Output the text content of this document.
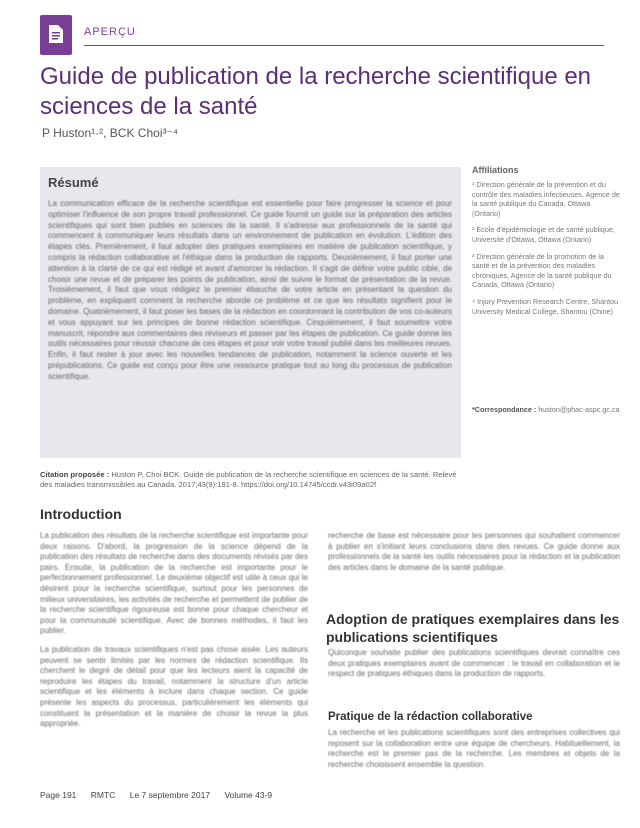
APERÇU
Guide de publication de la recherche scientifique en sciences de la santé
P Huston¹·², BCK Choi³⁻⁴
Résumé
La communication efficace de la recherche scientifique est essentielle pour faire progresser la science et pour optimiser l'influence de son propre travail professionnel. Ce guide fournit un guide sur la préparation des articles scientifiques qui sont bien publiés en sciences de la santé. Il s'adresse aux professionnels de la santé qui commencent à communiquer leurs résultats dans un environnement de publication en évolution. L'édition des étapes clés. Premièrement, il faut adopter des pratiques exemplaires en matière de publication scientifique, y compris la rédaction collaborative et l'éthique dans la production de rapports. Deuxièmement, il faut porter une attention à la clarté de ce qui est rédigé et avant d'amorcer la rédaction. Il s'agit de définir votre public cible, de choisir une revue et de préparer les points de publication, ainsi de suivre le format de présentation de la revue. Troisièmement, il faut que vous rédigiez le premier ébauche de votre article en présentant la question du problème, en expliquant comment la recherche aborde ce problème et ce que les résultats signifient pour le domaine. Quatrièmement, il faut poser les bases de la rédaction en coordonnant la contribution de vos co-auteurs et vous appuyant sur les principes de bonne rédaction scientifique. Cinquièmement, il faut soumettre votre manuscrit, répondre aux commentaires des réviseurs et passer par les étapes de publication. Ce guide donne les outils nécessaires pour réussir chacune de ces étapes et pour voir votre travail publié dans les meilleures revues. Enfin, il faut rester à jour avec les nouvelles tendances de publication, notamment la science ouverte et les prépublications. Ce guide est conçu pour être une ressource pratique tout au long du processus de publication scientifique.
Affiliations
¹ Direction générale de la prévention et du contrôle des maladies infectieuses, Agence de la santé publique du Canada, Ottawa (Ontario)
² École d'épidémiologie et de santé publique, Université d'Ottawa, Ottawa (Ontario)
³ Direction générale de la promotion de la santé et de la prévention des maladies chroniques, Agence de la santé publique du Canada, Ottawa (Ontario)
⁴ Injury Prevention Research Centre, Shantou University Medical College, Shantou (Chine)
*Correspondance : huston@phac-aspc.gc.ca
Citation proposée : Huston P, Choi BCK. Guide de publication de la recherche scientifique en sciences de la santé. Relevé des maladies transmissibles au Canada. 2017;43(9):191-8. https://doi.org/10.14745/ccdr.v43i09a02f
Introduction

La publication des résultats de la recherche scientifique est importante pour deux raisons. D'abord, la progression de la science dépend de la publication des résultats de recherche dans des documents révisés par des pairs. Ensuite, la publication de la recherche est importante pour le perfectionnement professionnel. Le deuxième objectif est utile à ceux qui le désirent pour la recherche scientifique, surtout pour les personnes de milieux universitaires, les activités de recherche et permettent de publier de la recherche scientifique rigoureuse est bonne pour chaque chercheur et pour la communauté scientifique. Avec de bonnes méthodes, il faut les publier.

La publication de travaux scientifiques n'est pas chose aisée. Les auteurs peuvent se sentir limités par les normes de rédaction scientifique. Ils cherchent le degré de détail pour que les lecteurs aient la capacité de reproduire les étapes du travail, notamment la structure d'un article scientifique et les éléments à inclure dans chaque section. Ce guide présente les aspects du processus, particulièrement les éléments qui constituent la présentation et la manière de choisir la revue la plus appropriée.

recherche de base est nécessaire pour les personnes qui souhaitent commencer à publier en s'initiant leurs conclusions dans des revues. Ce guide donne aux professionnels de la santé les outils nécessaires pour la rédaction et la publication des articles dans le domaine de la santé publique.
Adoption de pratiques exemplaires dans les publications scientifiques
Quiconque souhaite publier des publications scientifiques devrait connaître ces deux pratiques exemplaires avant de commencer : le travail en collaboration et le respect de pratiques éthiques dans la production de rapports.
Pratique de la rédaction collaborative
La recherche et les publications scientifiques sont des entreprises collectives qui reposent sur la collaboration entre une équipe de chercheurs. Habituellement, la recherche est le premier pas de la recherche. Les membres et objets de la recherche choisissent ensemble la question.
Page 191 RMTC Le 7 septembre 2017 Volume 43-9
